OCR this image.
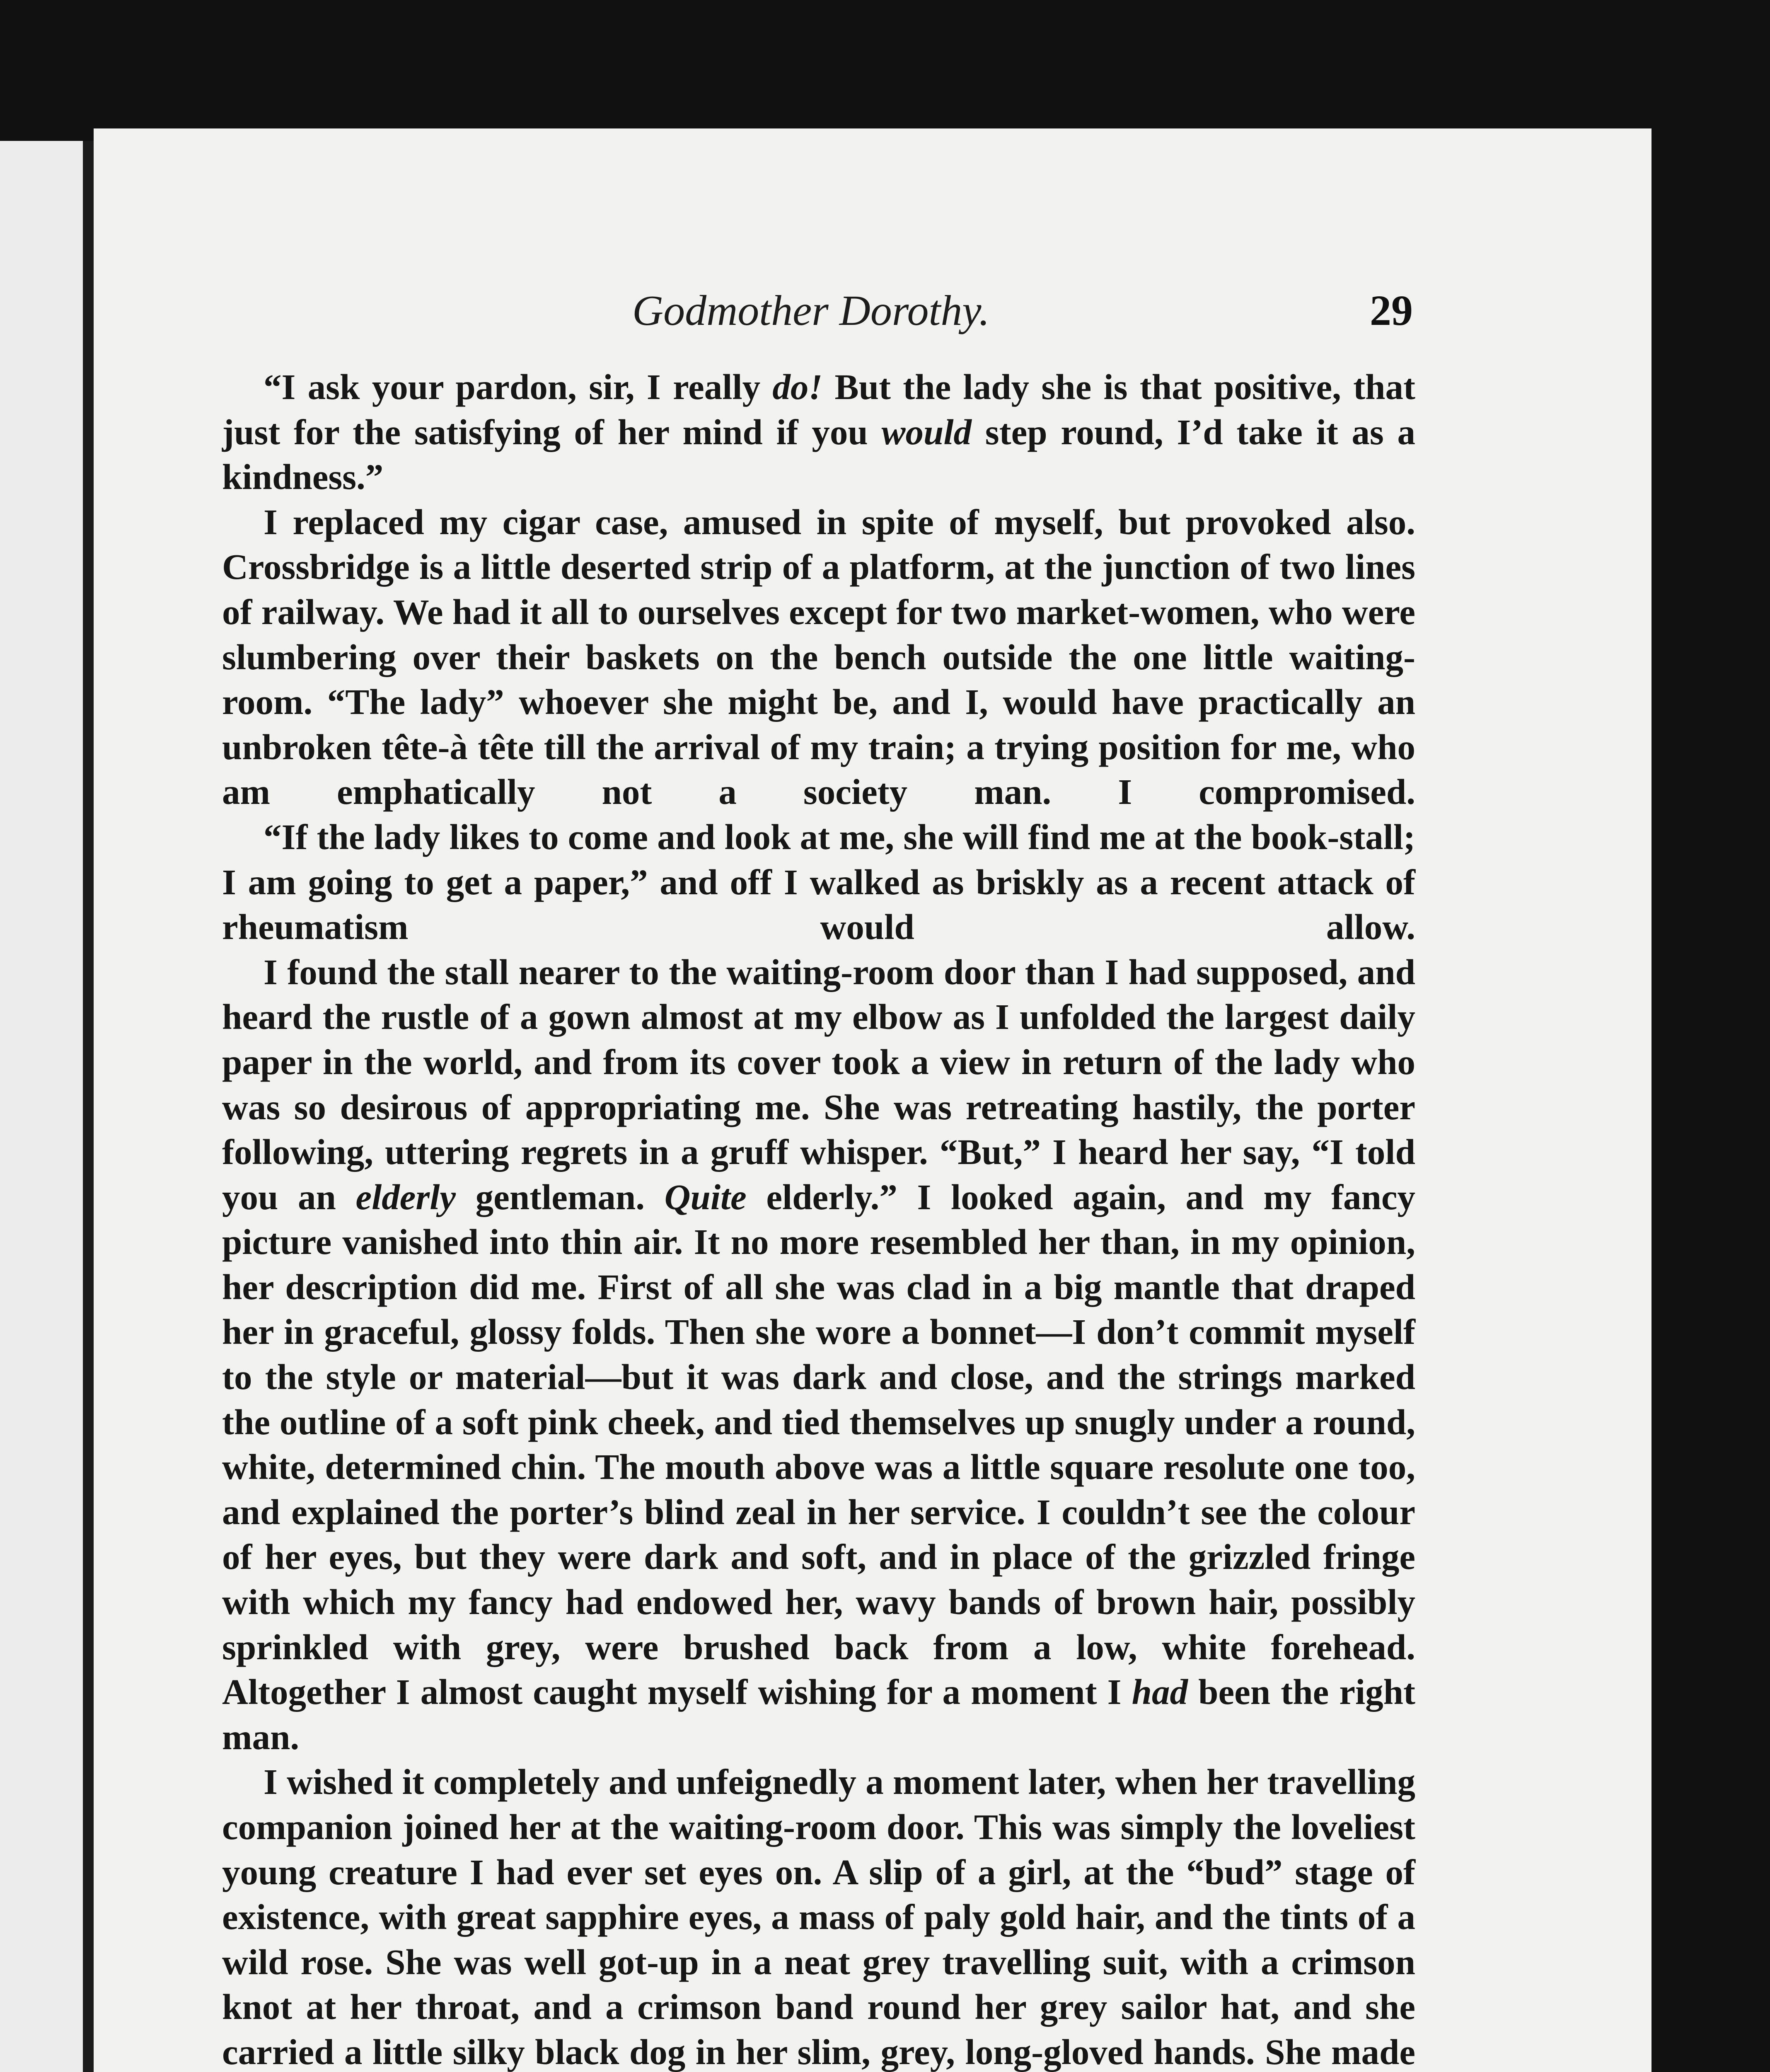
Godmother Dorothy.	29

“I ask your pardon, sir, I really do! But the lady she is that positive, that just for the satisfying of her mind if you would step round, I’d take it as a kindness.”

I replaced my cigar case, amused in spite of myself, but provoked also. Crossbridge is a little deserted strip of a platform, at the junction of two lines of railway. We had it all to ourselves except for two market-women, who were slumbering over their baskets on the bench outside the one little waiting-room. “The lady” whoever she might be, and I, would have practically an unbroken tête-à tête till the arrival of my train; a trying position for me, who am emphatically not a society man. I compromised.

“If the lady likes to come and look at me, she will find me at the book-stall; I am going to get a paper,” and off I walked as briskly as a recent attack of rheumatism would allow.

I found the stall nearer to the waiting-room door than I had supposed, and heard the rustle of a gown almost at my elbow as I unfolded the largest daily paper in the world, and from its cover took a view in return of the lady who was so desirous of appropriating me. She was retreating hastily, the porter following, uttering regrets in a gruff whisper. “But,” I heard her say, “I told you an elderly gentleman. Quite elderly.” I looked again, and my fancy picture vanished into thin air. It no more resembled her than, in my opinion, her description did me. First of all she was clad in a big mantle that draped her in graceful, glossy folds. Then she wore a bonnet—I don’t commit myself to the style or material—but it was dark and close, and the strings marked the outline of a soft pink cheek, and tied themselves up snugly under a round, white, determined chin. The mouth above was a little square resolute one too, and explained the porter’s blind zeal in her service. I couldn’t see the colour of her eyes, but they were dark and soft, and in place of the grizzled fringe with which my fancy had endowed her, wavy bands of brown hair, possibly sprinkled with grey, were brushed back from a low, white forehead. Altogether I almost caught myself wishing for a moment I had been the right man.

I wished it completely and unfeignedly a moment later, when her travelling companion joined her at the waiting-room door. This was simply the loveliest young creature I had ever set eyes on. A slip of a girl, at the “bud” stage of existence, with great sapphire eyes, a mass of paly gold hair, and the tints of a wild rose. She was well got-up in a neat grey travelling suit, with a crimson knot at her throat, and a crimson band round her grey sailor hat, and she carried a little silky black dog in her slim, grey, long-gloved hands. She made
